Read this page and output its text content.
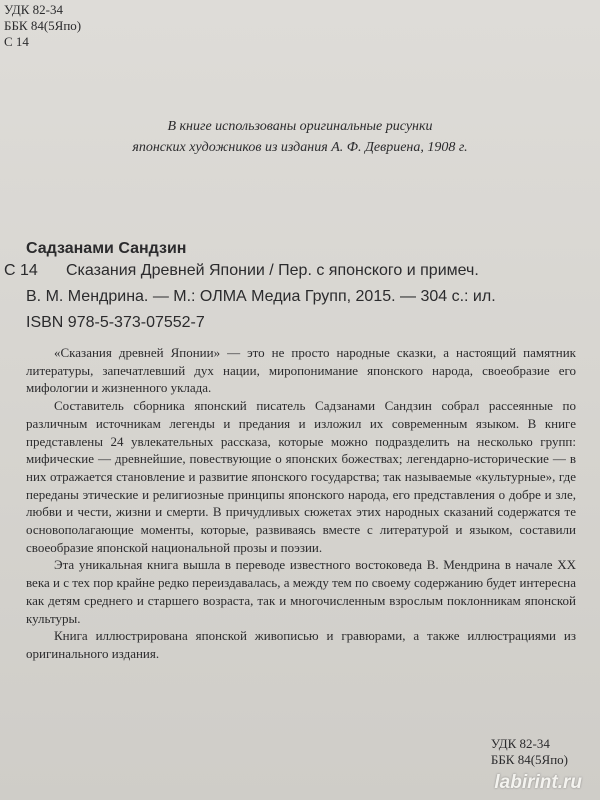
УДК 82-34
ББК 84(5Япо)
С 14
В книге использованы оригинальные рисунки
японских художников из издания А. Ф. Девриена, 1908 г.
Садзанами Сандзин
С 14 Сказания Древней Японии / Пер. с японского и примеч.
В. М. Мендрина. — М.: ОЛМА Медиа Групп, 2015. — 304 с.: ил.
ISBN 978-5-373-07552-7

«Сказания древней Японии» — это не просто народные сказки, а настоящий памятник литературы, запечатлевший дух нации, миропонимание японского народа, своеобразие его мифологии и жизненного уклада.

Составитель сборника японский писатель Садзанами Сандзин собрал рассеянные по различным источникам легенды и предания и изложил их современным языком. В книге представлены 24 увлекательных рассказа, которые можно подразделить на несколько групп: мифические — древнейшие, повествующие о японских божествах; легендарно-исторические — в них отражается становление и развитие японского государства; так называемые «культурные», где переданы этические и религиозные принципы японского народа, его представления о добре и зле, любви и чести, жизни и смерти. В причудливых сюжетах этих народных сказаний содержатся те основополагающие моменты, которые, развиваясь вместе с литературой и языком, составили своеобразие японской национальной прозы и поэзии.

Эта уникальная книга вышла в переводе известного востоковеда В. Мендрина в начале XX века и с тех пор крайне редко переиздавалась, а между тем по своему содержанию будет интересна как детям среднего и старшего возраста, так и многочисленным взрослым поклонникам японской культуры.

Книга иллюстрирована японской живописью и гравюрами, а также иллюстрациями из оригинального издания.

УДК 82-34
ББК 84(5Япо)
labirint.ru
